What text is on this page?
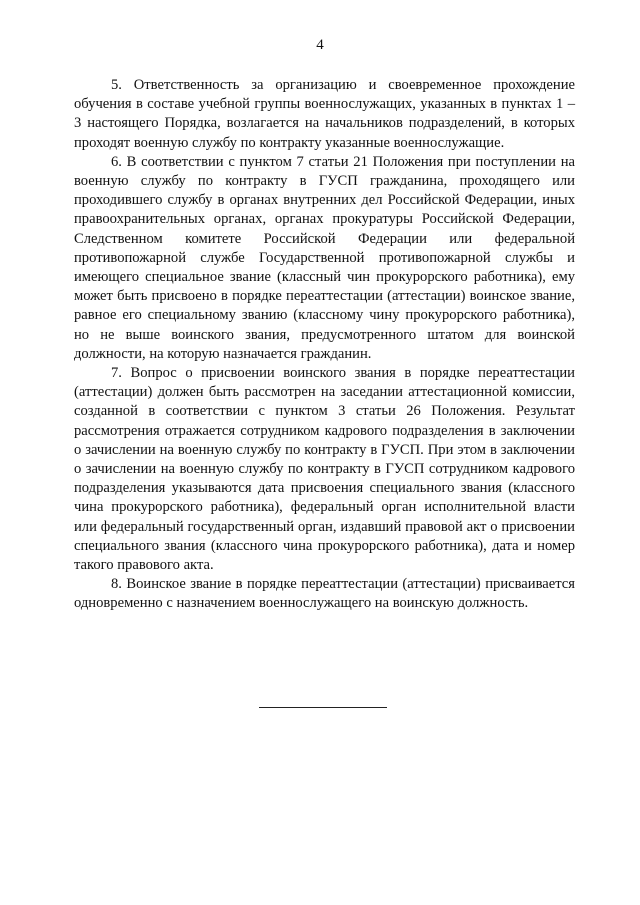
4

5. Ответственность за организацию и своевременное прохождение обучения в составе учебной группы военнослужащих, указанных в пунктах 1 – 3 настоящего Порядка, возлагается на начальников подразделений, в которых проходят военную службу по контракту указанные военнослужащие.

6. В соответствии с пунктом 7 статьи 21 Положения при поступлении на военную службу по контракту в ГУСП гражданина, проходящего или проходившего службу в органах внутренних дел Российской Федерации, иных правоохранительных органах, органах прокуратуры Российской Федерации, Следственном комитете Российской Федерации или федеральной противопожарной службе Государственной противопожарной службы и имеющего специальное звание (классный чин прокурорского работника), ему может быть присвоено в порядке переаттестации (аттестации) воинское звание, равное его специальному званию (классному чину прокурорского работника), но не выше воинского звания, предусмотренного штатом для воинской должности, на которую назначается гражданин.

7. Вопрос о присвоении воинского звания в порядке переаттестации (аттестации) должен быть рассмотрен на заседании аттестационной комиссии, созданной в соответствии с пунктом 3 статьи 26 Положения. Результат рассмотрения отражается сотрудником кадрового подразделения в заключении о зачислении на военную службу по контракту в ГУСП. При этом в заключении о зачислении на военную службу по контракту в ГУСП сотрудником кадрового подразделения указываются дата присвоения специального звания (классного чина прокурорского работника), федеральный орган исполнительной власти или федеральный государственный орган, издавший правовой акт о присвоении специального звания (классного чина прокурорского работника), дата и номер такого правового акта.

8. Воинское звание в порядке переаттестации (аттестации) присваивается одновременно с назначением военнослужащего на воинскую должность.
